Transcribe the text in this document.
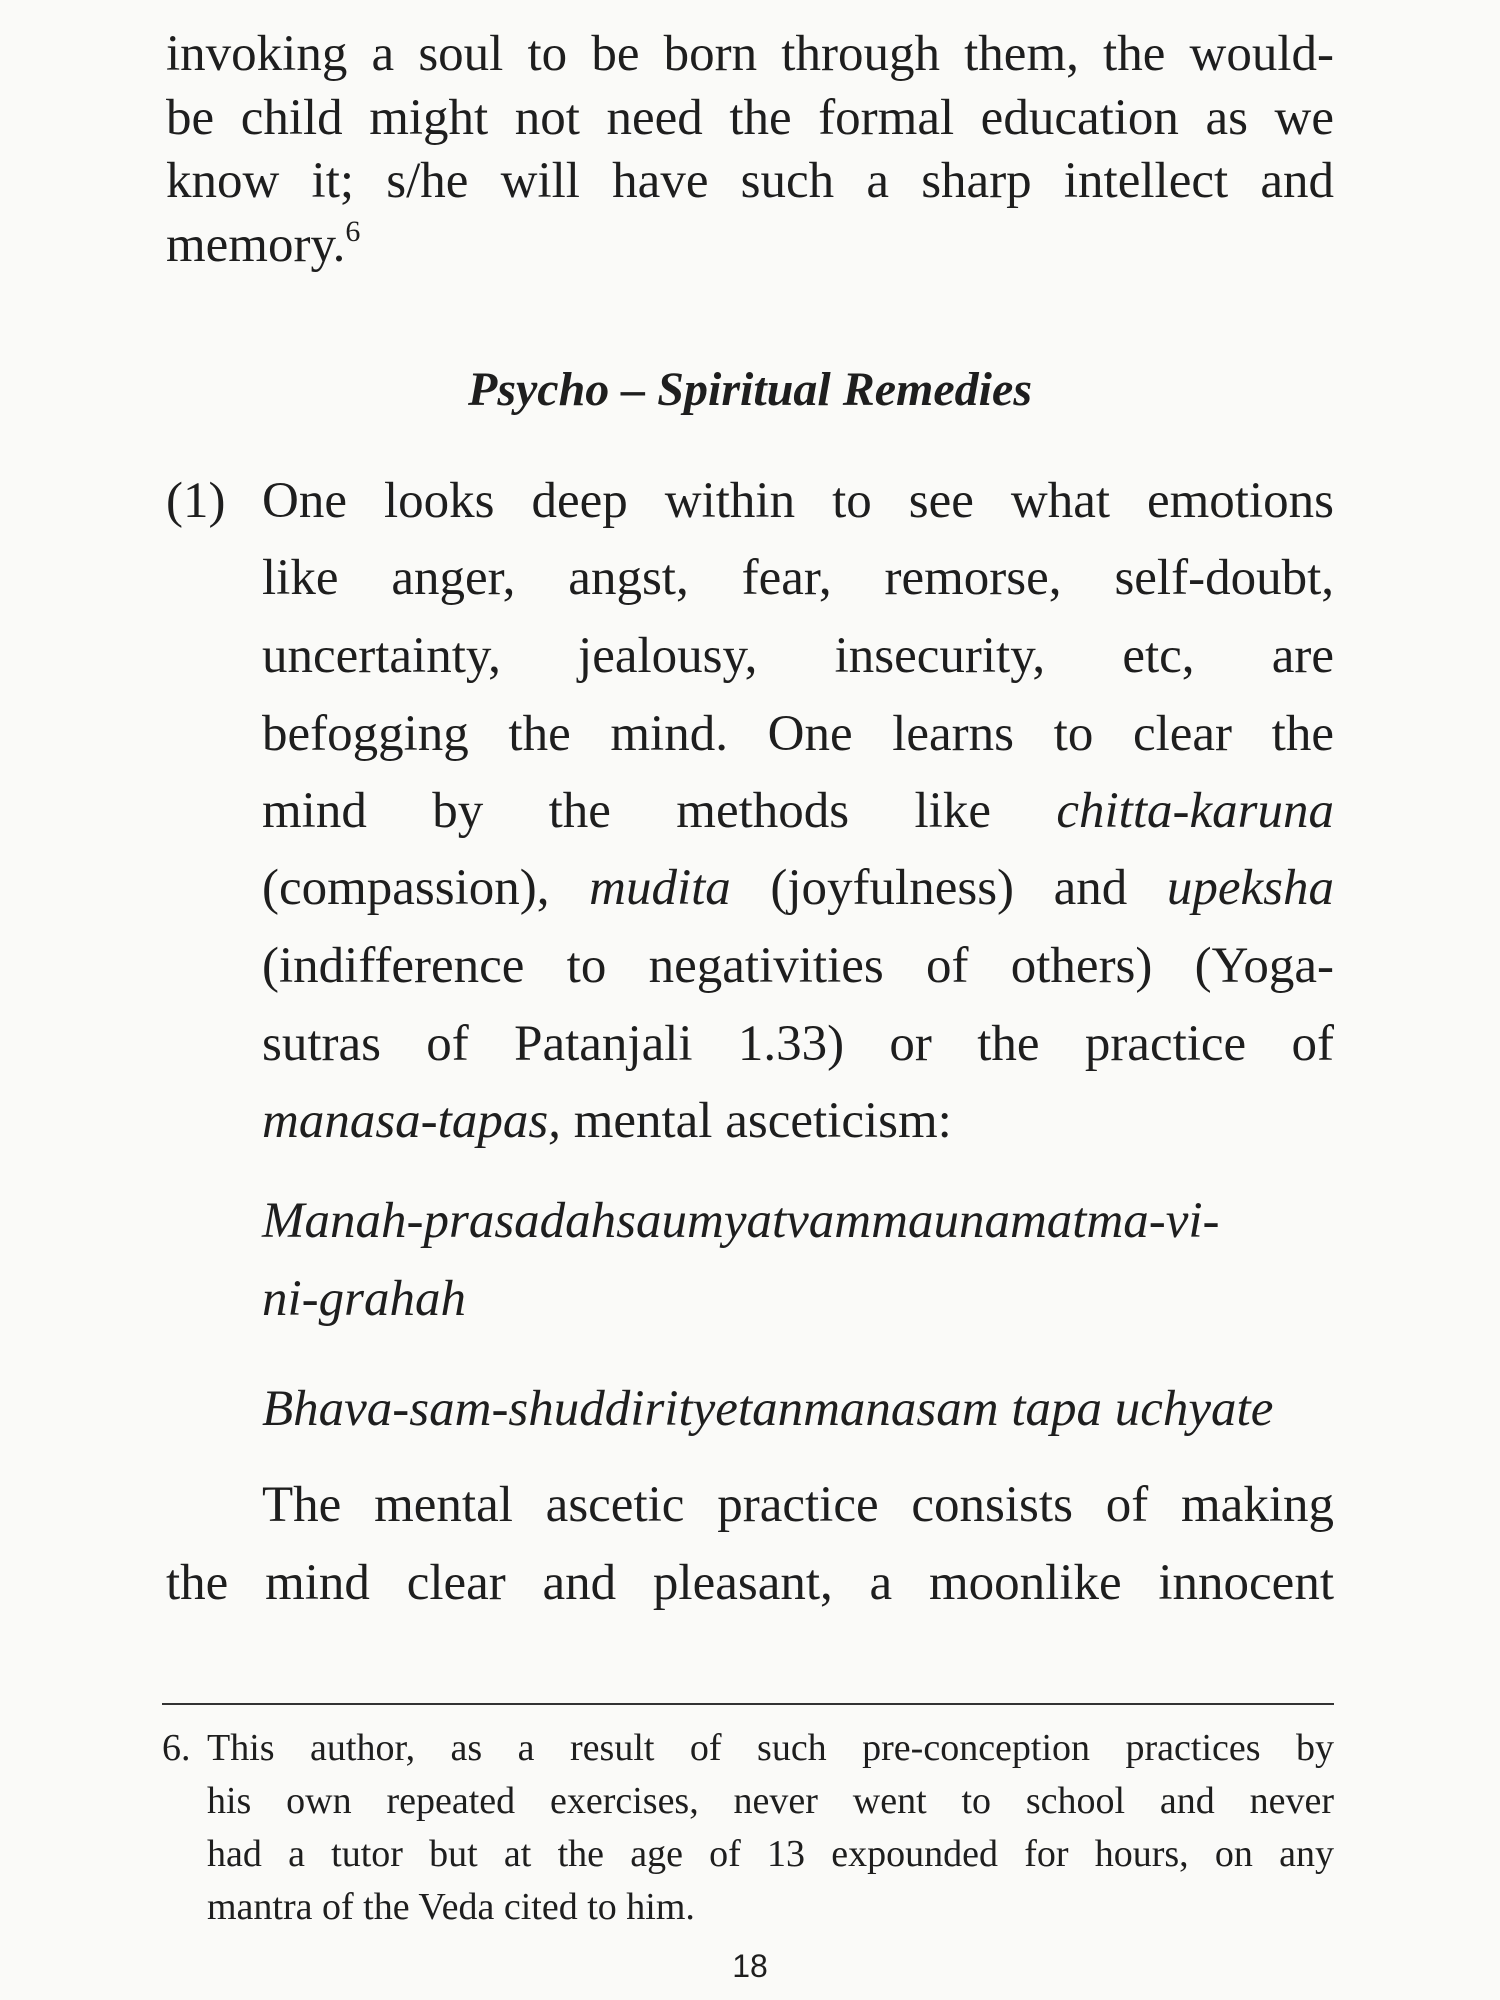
invoking a soul to be born through them, the would-
be child might not need the formal education as we
know it; s/he will have such a sharp intellect and
memory.$^6$
Psycho – Spiritual Remedies
(1) One looks deep within to see what emotions
like anger, angst, fear, remorse, self-doubt,
uncertainty, jealousy, insecurity, etc, are
befogging the mind. One learns to clear the
mind by the methods like chitta-karuna
(compassion), mudita (joyfulness) and upeksha
(indifference to negativities of others) (Yoga-
sutras of Patanjali 1.33) or the practice of
manasa-tapas, mental asceticism:
Manah-prasadahsaumyatvammaunamatma-vi-
ni-grahah
Bhava-sam-shuddirityetanmanasam tapa uchyate
The mental ascetic practice consists of making
the mind clear and pleasant, a moonlike innocent
6. This author, as a result of such pre-conception practices by
his own repeated exercises, never went to school and never
had a tutor but at the age of 13 expounded for hours, on any
mantra of the Veda cited to him.
18
